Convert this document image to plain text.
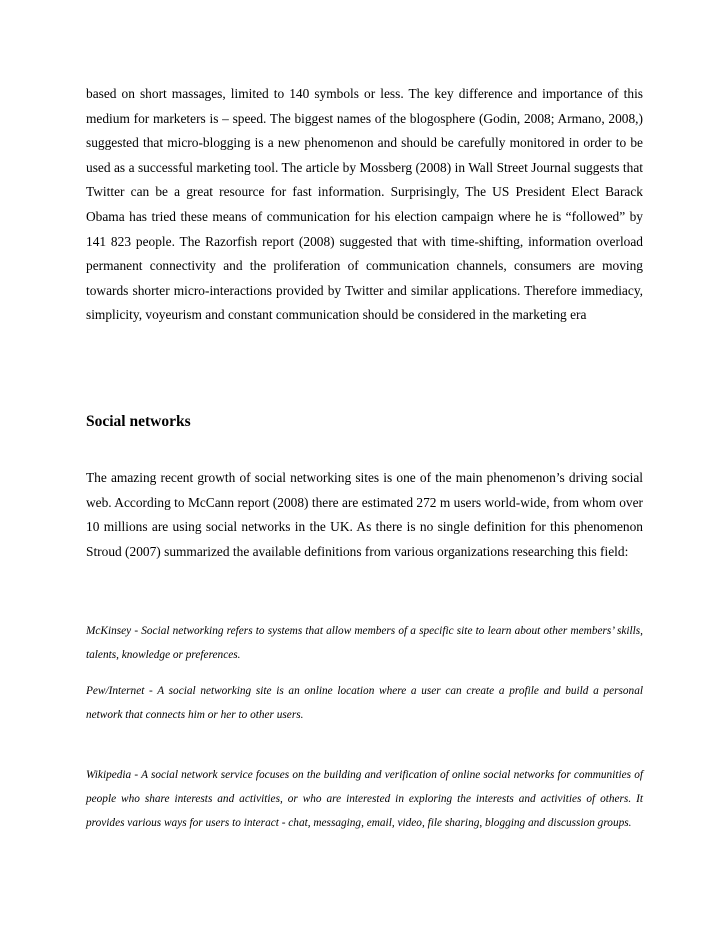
based on short massages, limited to 140 symbols or less. The key difference and importance of this medium for marketers is – speed. The biggest names of the blogosphere (Godin, 2008; Armano, 2008,) suggested that micro-blogging is a new phenomenon and should be carefully monitored in order to be used as a successful marketing tool. The article by Mossberg (2008) in Wall Street Journal suggests that Twitter can be a great resource for fast information. Surprisingly, The US President Elect Barack Obama has tried these means of communication for his election campaign where he is “followed” by 141 823 people. The Razorfish report (2008) suggested that with time-shifting, information overload permanent connectivity and the proliferation of communication channels, consumers are moving towards shorter micro-interactions provided by Twitter and similar applications. Therefore immediacy, simplicity, voyeurism and constant communication should be considered in the marketing era

Social networks

The amazing recent growth of social networking sites is one of the main phenomenon’s driving social web. According to McCann report (2008) there are estimated 272 m users world-wide, from whom over 10 millions are using social networks in the UK. As there is no single definition for this phenomenon Stroud (2007) summarized the available definitions from various organizations researching this field:

McKinsey - Social networking refers to systems that allow members of a specific site to learn about other members’ skills, talents, knowledge or preferences.

Pew/Internet - A social networking site is an online location where a user can create a profile and build a personal network that connects him or her to other users.

Wikipedia - A social network service focuses on the building and verification of online social networks for communities of people who share interests and activities, or who are interested in exploring the interests and activities of others. It provides various ways for users to interact - chat, messaging, email, video, file sharing, blogging and discussion groups.
